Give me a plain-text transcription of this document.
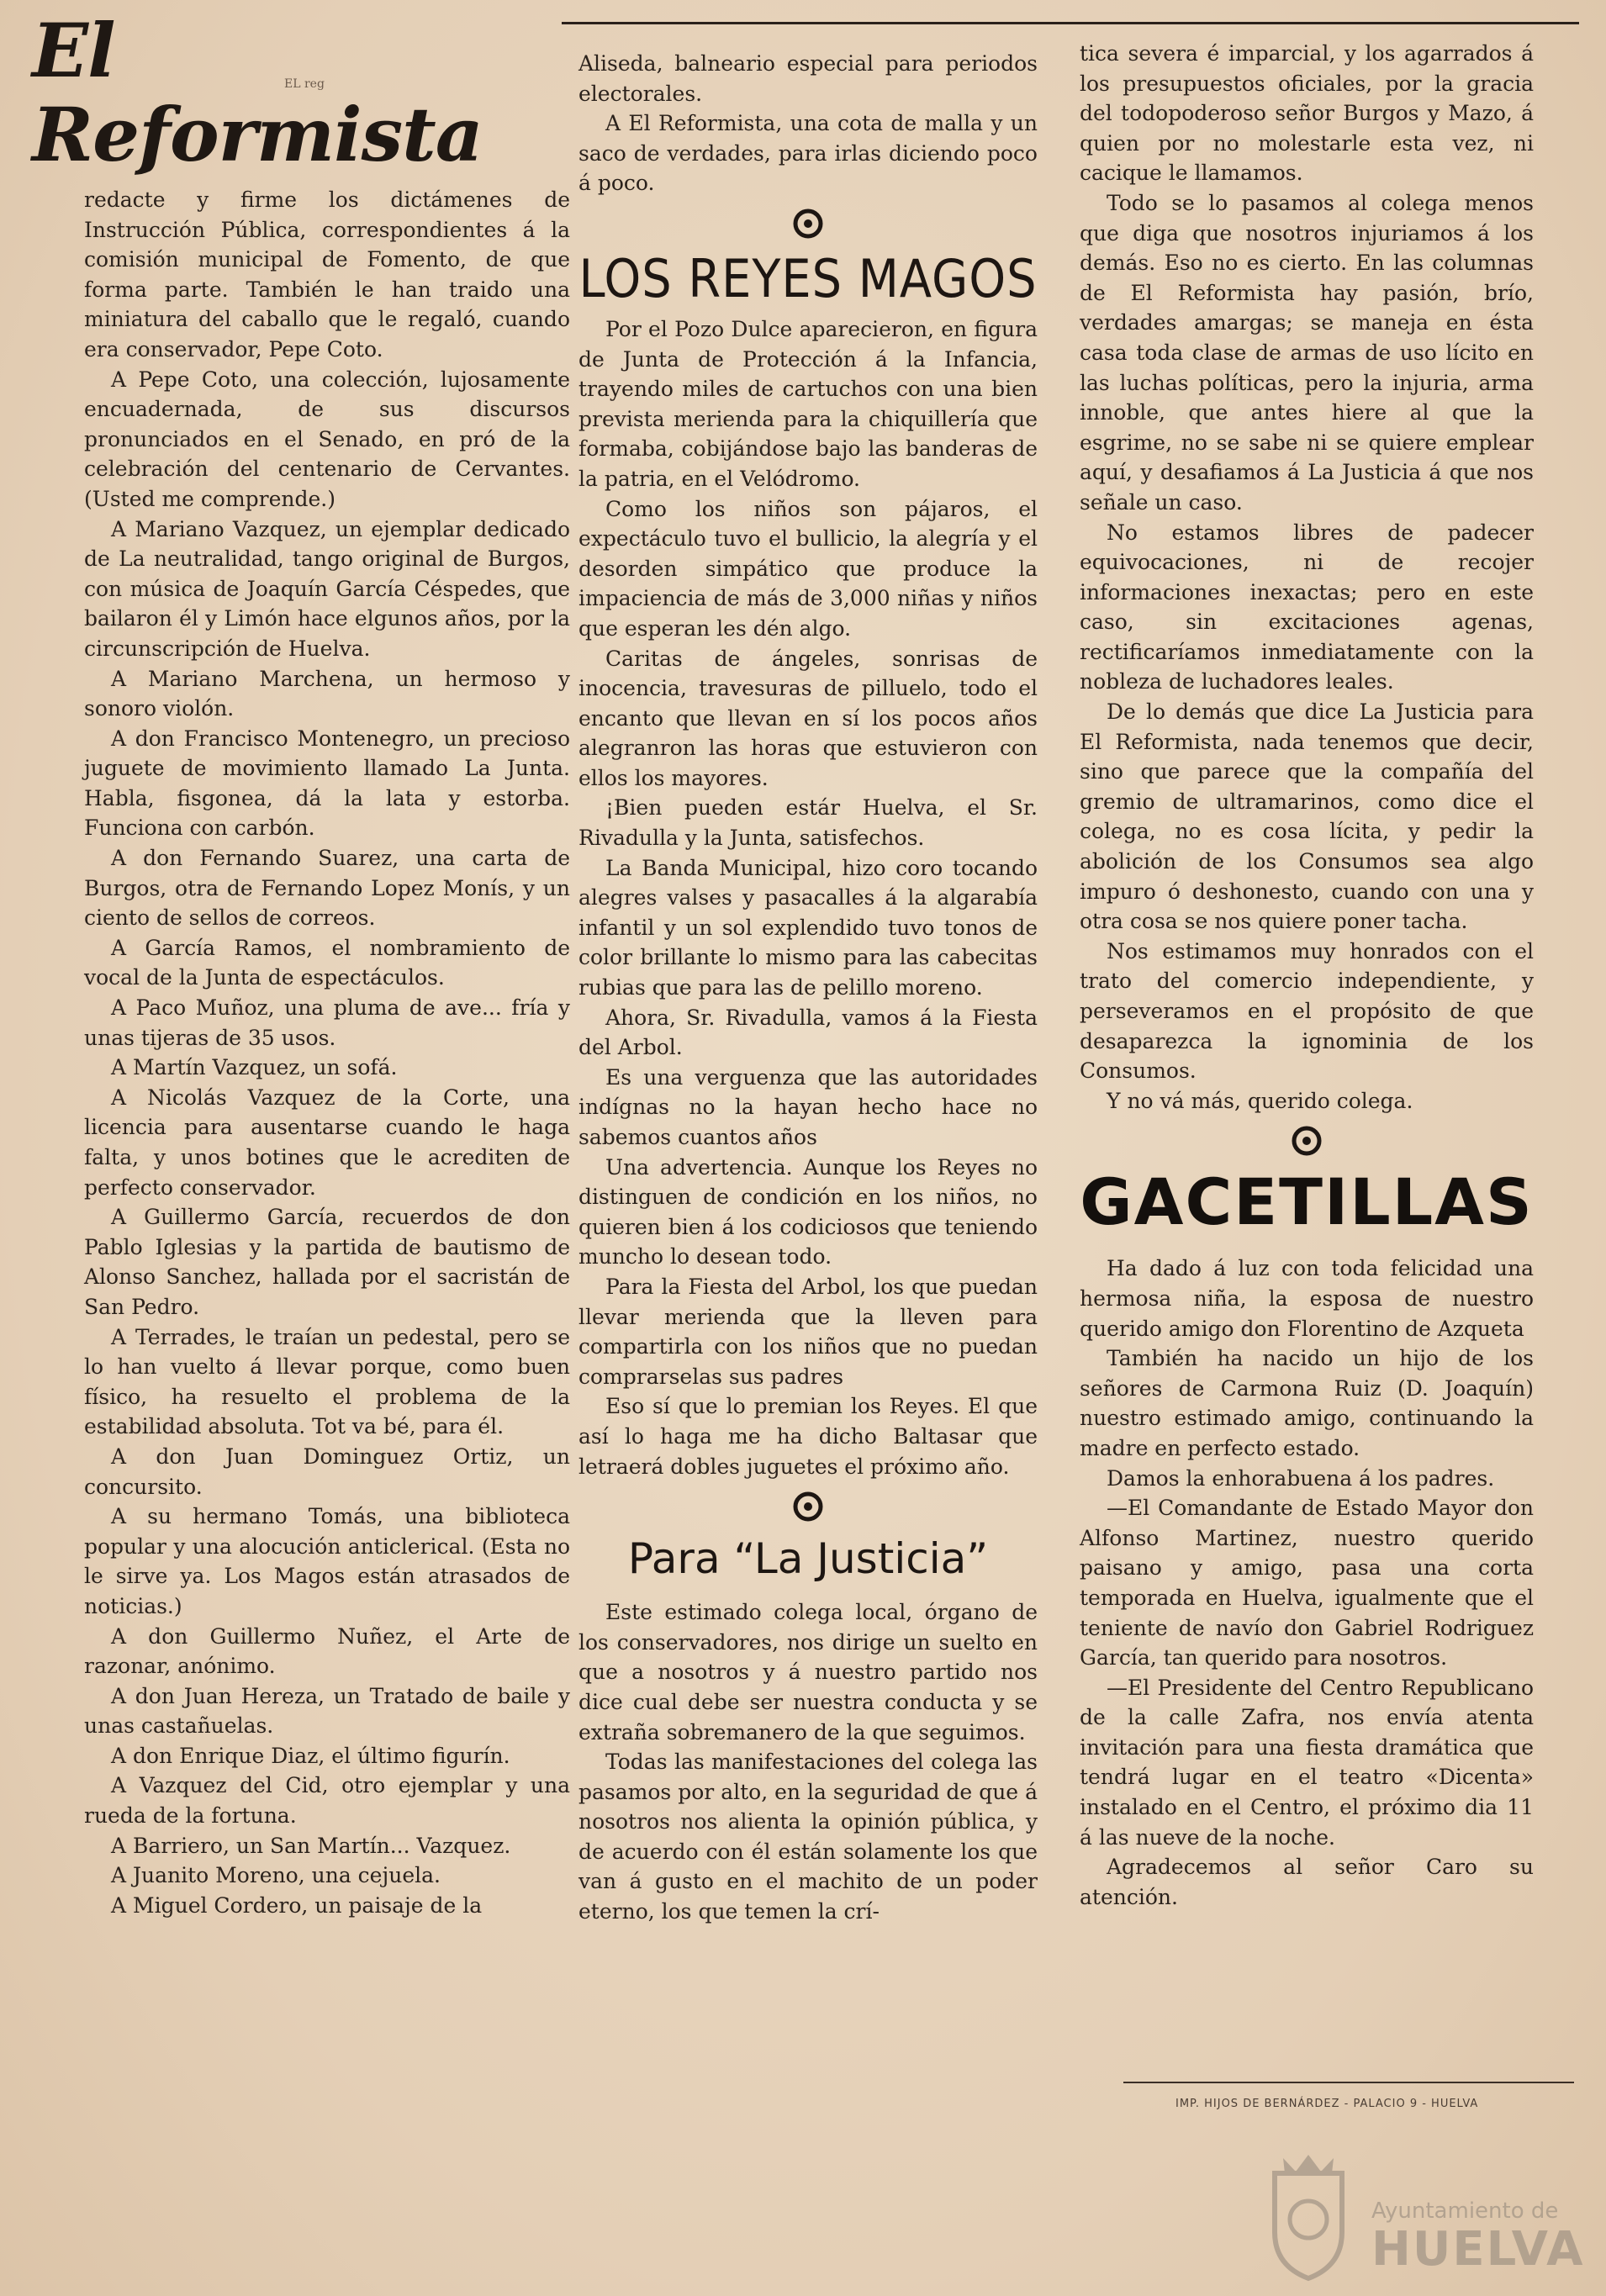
El Reformista
EL reg

redacte y firme los dictámenes de Instrucción Pública, correspondientes á la comisión municipal de Fomento, de que forma parte. También le han traido una miniatura del caballo que le regaló, cuando era conservador, Pepe Coto.

A Pepe Coto, una colección, lujosamente encuadernada, de sus discursos pronunciados en el Senado, en pró de la celebración del centenario de Cervantes. (Usted me comprende.)

A Mariano Vazquez, un ejemplar dedicado de La neutralidad, tango original de Burgos, con música de Joaquín García Céspedes, que bailaron él y Limón hace elgunos años, por la circunscripción de Huelva.

A Mariano Marchena, un hermoso y sonoro violón.

A don Francisco Montenegro, un precioso juguete de movimiento llamado La Junta. Habla, fisgonea, dá la lata y estorba. Funciona con carbón.

A don Fernando Suarez, una carta de Burgos, otra de Fernando Lopez Monís, y un ciento de sellos de correos.

A García Ramos, el nombramiento de vocal de la Junta de espectáculos.

A Paco Muñoz, una pluma de ave... fría y unas tijeras de 35 usos.

A Martín Vazquez, un sofá.

A Nicolás Vazquez de la Corte, una licencia para ausentarse cuando le haga falta, y unos botines que le acrediten de perfecto conservador.

A Guillermo García, recuerdos de don Pablo Iglesias y la partida de bautismo de Alonso Sanchez, hallada por el sacristán de San Pedro.

A Terrades, le traían un pedestal, pero se lo han vuelto á llevar porque, como buen físico, ha resuelto el problema de la estabilidad absoluta. Tot va bé, para él.

A don Juan Dominguez Ortiz, un concursito.

A su hermano Tomás, una biblioteca popular y una alocución anticlerical. (Esta no le sirve ya. Los Magos están atrasados de noticias.)

A don Guillermo Nuñez, el Arte de razonar, anónimo.

A don Juan Hereza, un Tratado de baile y unas castañuelas.

A don Enrique Diaz, el último figurín.

A Vazquez del Cid, otro ejemplar y una rueda de la fortuna.

A Barriero, un San Martín... Vazquez.

A Juanito Moreno, una cejuela.

A Miguel Cordero, un paisaje de la

Aliseda, balneario especial para periodos electorales.

A El Reformista, una cota de malla y un saco de verdades, para irlas diciendo poco á poco.

LOS REYES MAGOS

Por el Pozo Dulce aparecieron, en figura de Junta de Protección á la Infancia, trayendo miles de cartuchos con una bien prevista merienda para la chiquillería que formaba, cobijándose bajo las banderas de la patria, en el Velódromo.

Como los niños son pájaros, el expectáculo tuvo el bullicio, la alegría y el desorden simpático que produce la impaciencia de más de 3,000 niñas y niños que esperan les dén algo.

Caritas de ángeles, sonrisas de inocencia, travesuras de pilluelo, todo el encanto que llevan en sí los pocos años alegranron las horas que estuvieron con ellos los mayores.

¡Bien pueden estár Huelva, el Sr. Rivadulla y la Junta, satisfechos.

La Banda Municipal, hizo coro tocando alegres valses y pasacalles á la algarabía infantil y un sol explendido tuvo tonos de color brillante lo mismo para las cabecitas rubias que para las de pelillo moreno.

Ahora, Sr. Rivadulla, vamos á la Fiesta del Arbol.

Es una verguenza que las autoridades indígnas no la hayan hecho hace no sabemos cuantos años

Una advertencia. Aunque los Reyes no distinguen de condición en los niños, no quieren bien á los codiciosos que teniendo muncho lo desean todo.

Para la Fiesta del Arbol, los que puedan llevar merienda que la lleven para compartirla con los niños que no puedan comprarselas sus padres

Eso sí que lo premian los Reyes. El que así lo haga me ha dicho Baltasar que letraerá dobles juguetes el próximo año.

Para “La Justicia”

Este estimado colega local, órgano de los conservadores, nos dirige un suelto en que a nosotros y á nuestro partido nos dice cual debe ser nuestra conducta y se extraña sobremanero de la que seguimos.

Todas las manifestaciones del colega las pasamos por alto, en la seguridad de que á nosotros nos alienta la opinión pública, y de acuerdo con él están solamente los que van á gusto en el machito de un poder eterno, los que temen la crí-

tica severa é imparcial, y los agarrados á los presupuestos oficiales, por la gracia del todopoderoso señor Burgos y Mazo, á quien por no molestarle esta vez, ni cacique le llamamos.

Todo se lo pasamos al colega menos que diga que nosotros injuriamos á los demás. Eso no es cierto. En las columnas de El Reformista hay pasión, brío, verdades amargas; se maneja en ésta casa toda clase de armas de uso lícito en las luchas políticas, pero la injuria, arma innoble, que antes hiere al que la esgrime, no se sabe ni se quiere emplear aquí, y desafiamos á La Justicia á que nos señale un caso.

No estamos libres de padecer equivocaciones, ni de recojer informaciones inexactas; pero en este caso, sin excitaciones agenas, rectificaríamos inmediatamente con la nobleza de luchadores leales.

De lo demás que dice La Justicia para El Reformista, nada tenemos que decir, sino que parece que la compañía del gremio de ultramarinos, como dice el colega, no es cosa lícita, y pedir la abolición de los Consumos sea algo impuro ó deshonesto, cuando con una y otra cosa se nos quiere poner tacha.

Nos estimamos muy honrados con el trato del comercio independiente, y perseveramos en el propósito de que desaparezca la ignominia de los Consumos.

Y no vá más, querido colega.

GACETILLAS

Ha dado á luz con toda felicidad una hermosa niña, la esposa de nuestro querido amigo don Florentino de Azqueta

También ha nacido un hijo de los señores de Carmona Ruiz (D. Joaquín) nuestro estimado amigo, continuando la madre en perfecto estado.

Damos la enhorabuena á los padres.

—El Comandante de Estado Mayor don Alfonso Martinez, nuestro querido paisano y amigo, pasa una corta temporada en Huelva, igualmente que el teniente de navío don Gabriel Rodriguez García, tan querido para nosotros.

—El Presidente del Centro Republicano de la calle Zafra, nos envía atenta invitación para una fiesta dramática que tendrá lugar en el teatro «Dicenta» instalado en el Centro, el próximo dia 11 á las nueve de la noche.

Agradecemos al señor Caro su atención.

IMP. HIJOS DE BERNÁRDEZ - PALACIO 9 - HUELVA
Ayuntamiento de
HUELVA
